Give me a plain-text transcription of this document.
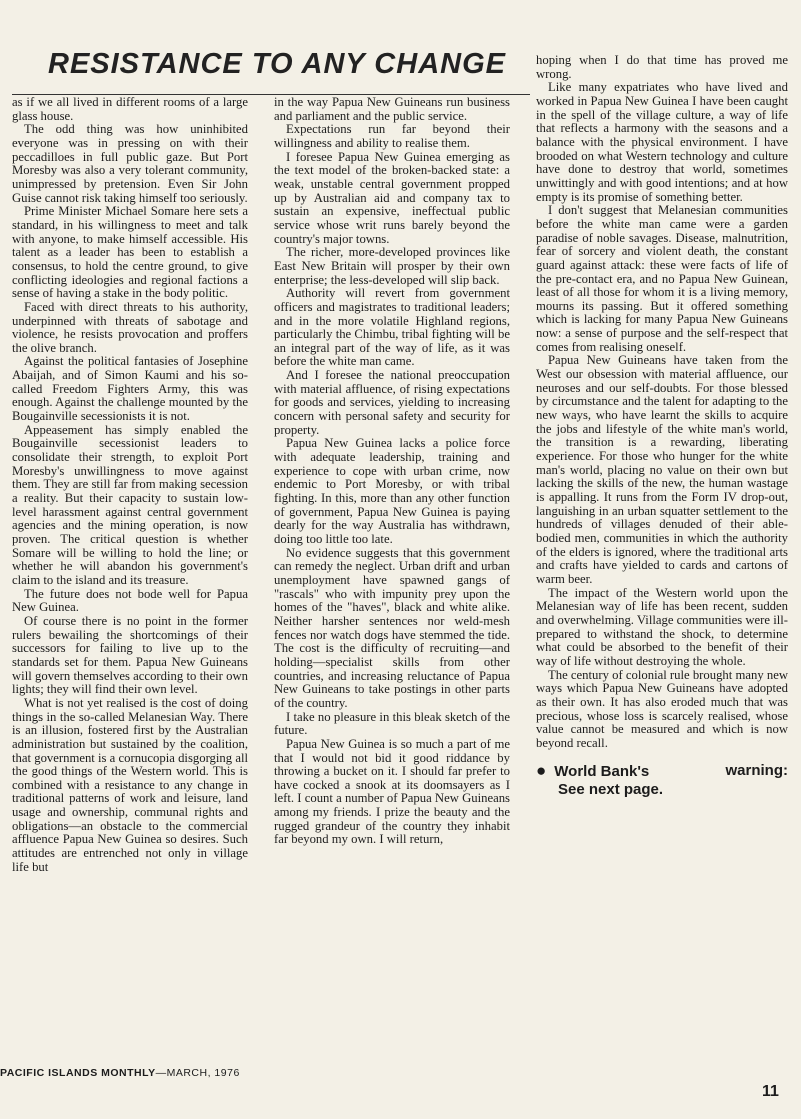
RESISTANCE TO ANY CHANGE

as if we all lived in different rooms of a large glass house.

The odd thing was how uninhibited everyone was in pressing on with their peccadilloes in full public gaze. But Port Moresby was also a very tolerant community, unimpressed by pretension. Even Sir John Guise cannot risk taking himself too seriously.

Prime Minister Michael Somare here sets a standard, in his willingness to meet and talk with anyone, to make himself accessible. His talent as a leader has been to establish a consensus, to hold the centre ground, to give conflicting ideologies and regional factions a sense of having a stake in the body politic.

Faced with direct threats to his authority, underpinned with threats of sabotage and violence, he resists provocation and proffers the olive branch.

Against the political fantasies of Josephine Abaijah, and of Simon Kaumi and his so-called Freedom Fighters Army, this was enough. Against the challenge mounted by the Bougainville secessionists it is not.

Appeasement has simply enabled the Bougainville secessionist leaders to consolidate their strength, to exploit Port Moresby's unwillingness to move against them. They are still far from making secession a reality. But their capacity to sustain low-level harassment against central government agencies and the mining operation, is now proven. The critical question is whether Somare will be willing to hold the line; or whether he will abandon his government's claim to the island and its treasure.

The future does not bode well for Papua New Guinea.

Of course there is no point in the former rulers bewailing the shortcomings of their successors for failing to live up to the standards set for them. Papua New Guineans will govern themselves according to their own lights; they will find their own level.

What is not yet realised is the cost of doing things in the so-called Melanesian Way. There is an illusion, fostered first by the Australian administration but sustained by the coalition, that government is a cornucopia disgorging all the good things of the Western world. This is combined with a resistance to any change in traditional patterns of work and leisure, land usage and ownership, communal rights and obligations—an obstacle to the commercial affluence Papua New Guinea so desires. Such attitudes are entrenched not only in village life but

in the way Papua New Guineans run business and parliament and the public service.

Expectations run far beyond their willingness and ability to realise them.

I foresee Papua New Guinea emerging as the text model of the broken-backed state: a weak, unstable central government propped up by Australian aid and company tax to sustain an expensive, ineffectual public service whose writ runs barely beyond the country's major towns.

The richer, more-developed provinces like East New Britain will prosper by their own enterprise; the less-developed will slip back.

Authority will revert from government officers and magistrates to traditional leaders; and in the more volatile Highland regions, particularly the Chimbu, tribal fighting will be an integral part of the way of life, as it was before the white man came.

And I foresee the national preoccupation with material affluence, of rising expectations for goods and services, yielding to increasing concern with personal safety and security for property.

Papua New Guinea lacks a police force with adequate leadership, training and experience to cope with urban crime, now endemic to Port Moresby, or with tribal fighting. In this, more than any other function of government, Papua New Guinea is paying dearly for the way Australia has withdrawn, doing too little too late.

No evidence suggests that this government can remedy the neglect. Urban drift and urban unemployment have spawned gangs of "rascals" who with impunity prey upon the homes of the "haves", black and white alike. Neither harsher sentences nor weld-mesh fences nor watch dogs have stemmed the tide. The cost is the difficulty of recruiting—and holding—specialist skills from other countries, and increasing reluctance of Papua New Guineans to take postings in other parts of the country.

I take no pleasure in this bleak sketch of the future.

Papua New Guinea is so much a part of me that I would not bid it good riddance by throwing a bucket on it. I should far prefer to have cocked a snook at its doomsayers as I left. I count a number of Papua New Guineans among my friends. I prize the beauty and the rugged grandeur of the country they inhabit far beyond my own. I will return,

hoping when I do that time has proved me wrong.

Like many expatriates who have lived and worked in Papua New Guinea I have been caught in the spell of the village culture, a way of life that reflects a harmony with the seasons and a balance with the physical environment. I have brooded on what Western technology and culture have done to destroy that world, sometimes unwittingly and with good intentions; and at how empty is its promise of something better.

I don't suggest that Melanesian communities before the white man came were a garden paradise of noble savages. Disease, malnutrition, fear of sorcery and violent death, the constant guard against attack: these were facts of life of the pre-contact era, and no Papua New Guinean, least of all those for whom it is a living memory, mourns its passing. But it offered something which is lacking for many Papua New Guineans now: a sense of purpose and the self-respect that comes from realising oneself.

Papua New Guineans have taken from the West our obsession with material affluence, our neuroses and our self-doubts. For those blessed by circumstance and the talent for adapting to the new ways, who have learnt the skills to acquire the jobs and lifestyle of the white man's world, the transition is a rewarding, liberating experience. For those who hunger for the white man's world, placing no value on their own but lacking the skills of the new, the human wastage is appalling. It runs from the Form IV drop-out, languishing in an urban squatter settlement to the hundreds of villages denuded of their able-bodied men, communities in which the authority of the elders is ignored, where the traditional arts and crafts have yielded to cards and cartons of warm beer.

The impact of the Western world upon the Melanesian way of life has been recent, sudden and overwhelming. Village communities were ill-prepared to withstand the shock, to determine what could be absorbed to the benefit of their way of life without destroying the whole.

The century of colonial rule brought many new ways which Papua New Guineans have adopted as their own. It has also eroded much that was precious, whose loss is scarcely realised, whose value cannot be measured and which is now beyond recall.

● World Bank's	warning:
See next page.
PACIFIC ISLANDS MONTHLY—MARCH, 1976
11
